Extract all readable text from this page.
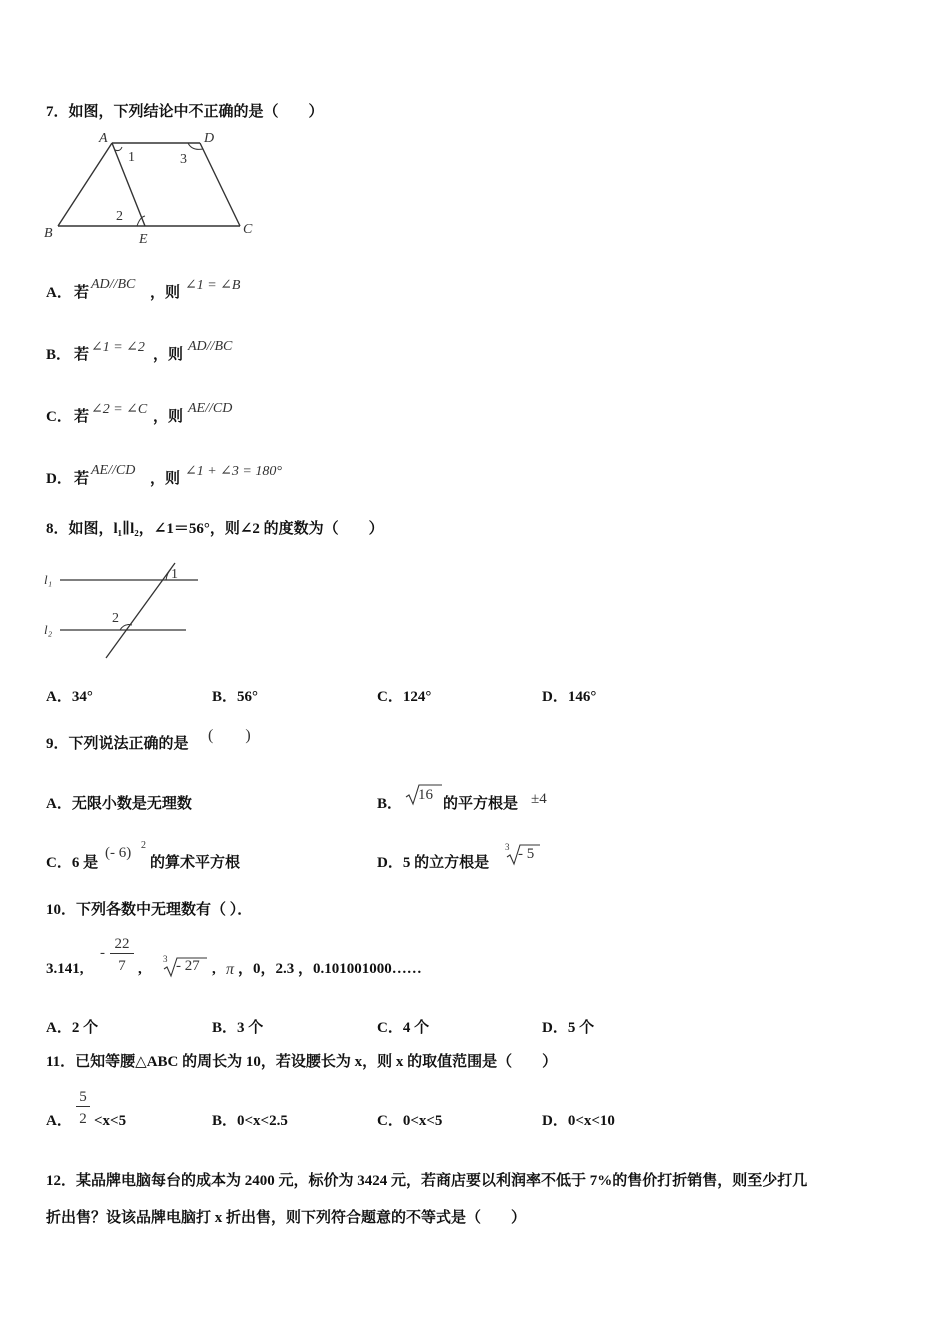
7．如图，下列结论中不正确的是（　　）
A	D
B	E
C
1
2
3
A． 若
AD//BC
，则 ∠1 = ∠B
B． 若 ∠1 = ∠2 ，则
AD//BC
C． 若 ∠2 = ∠C ，则
AE//CD
D． 若
AE//CD
，则 ∠1 + ∠3 = 180°
8．如图，l₁∥l₂，∠1＝56°，则∠2 的度数为（　　）
l₁
l₂
1
2
A．34°	B．56°	C．124°	D．146°
9．下列说法正确的是 (　　)
A．无限小数是无理数	B．
16
的平方根是 ±4
C．6 是
(- 6) 2
的算术平方根	D．5 的立方根是
3 - 5
10．下列各数中无理数有（ ）．
3.141,
- $\frac{22}{7}$ ,
3 - 27 , π ，0，2.3 ，0.101001000……
A．2 个	B．3 个	C．4 个	D．5 个
11．已知等腰△ABC 的周长为 10，若设腰长为 x，则 x 的取值范围是（　　）
A． $\frac{5}{2} <x<5$	B．0<x<2.5	C．0<x<5	D．0<x<10
12．某品牌电脑每台的成本为 2400 元，标价为 3424 元，若商店要以利润率不低于 7%的售价打折销售，则至少打几
折出售？设该品牌电脑打 x 折出售，则下列符合题意的不等式是（　　）
